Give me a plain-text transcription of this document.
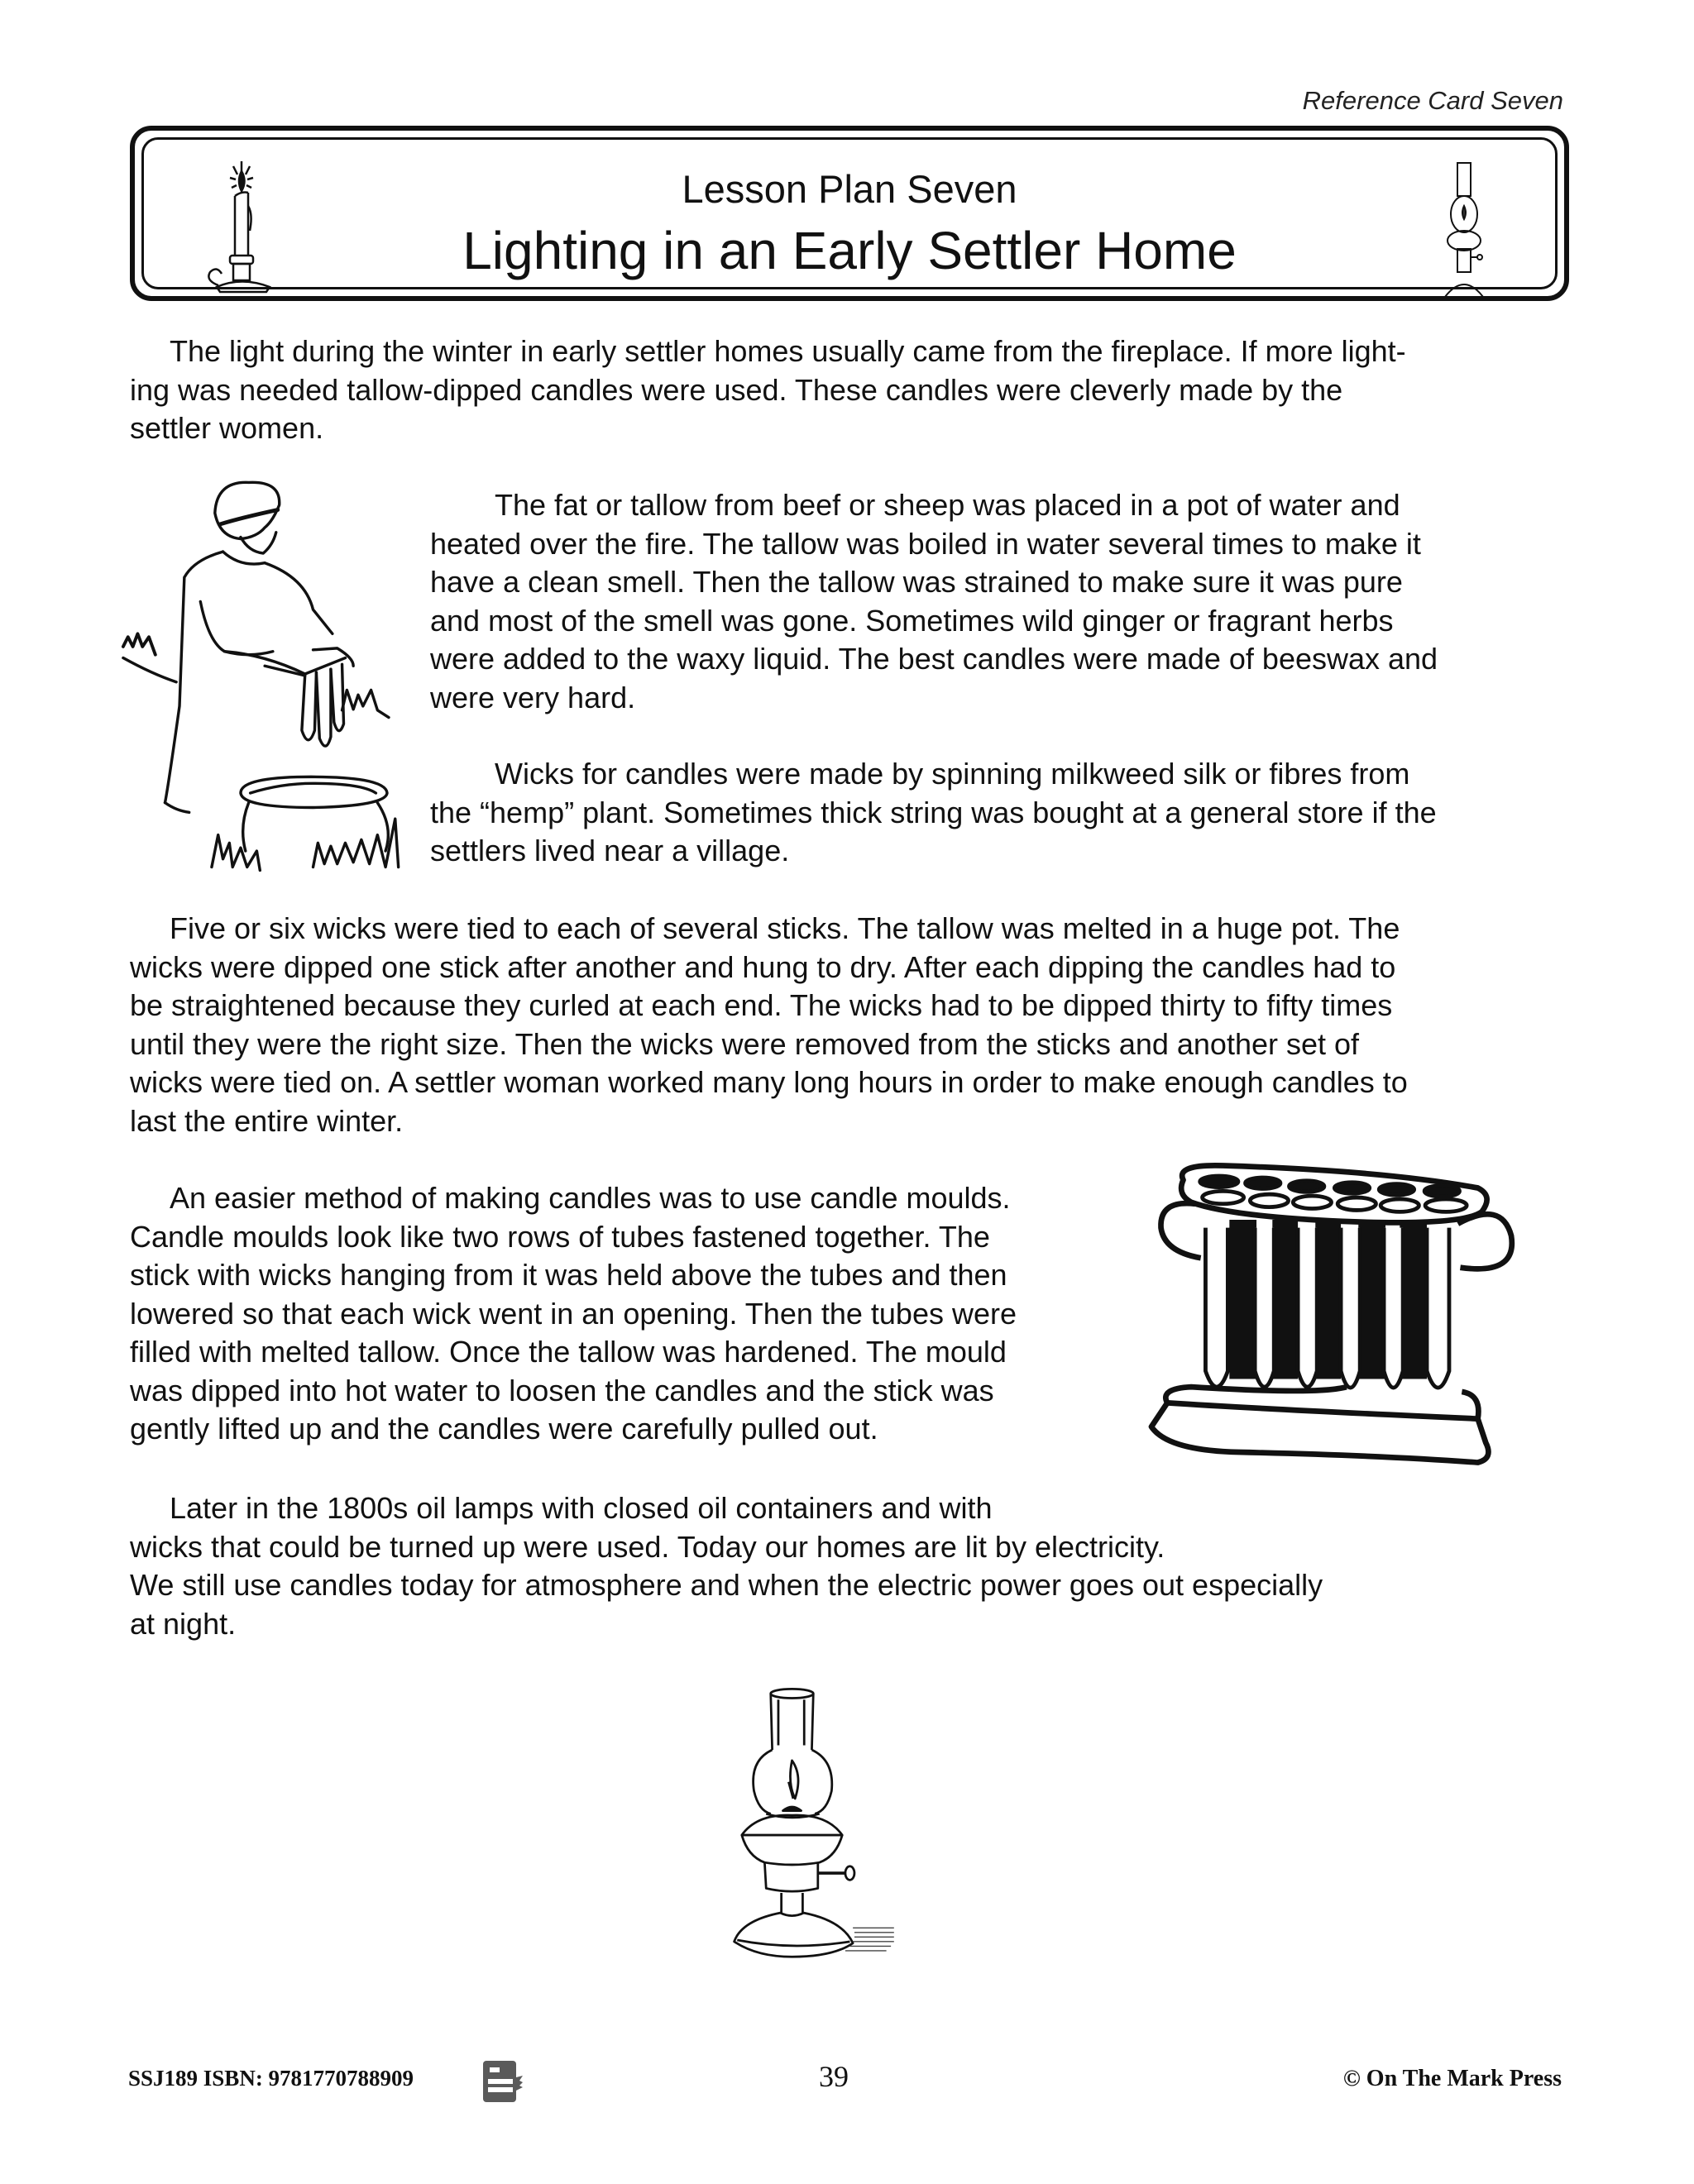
Reference Card Seven
Lesson Plan Seven
Lighting in an Early Settler Home

The light during the winter in early settler homes usually came from the fireplace. If more light-
ing was needed tallow-dipped candles were used. These candles were cleverly made by the
settler women.

The fat or tallow from beef or sheep was placed in a pot of water and
heated over the fire. The tallow was boiled in water several times to make it
have a clean smell. Then the tallow was strained to make sure it was pure
and most of the smell was gone. Sometimes wild ginger or fragrant herbs
were added to the waxy liquid. The best candles were made of beeswax and
were very hard.

Wicks for candles were made by spinning milkweed silk or fibres from
the “hemp” plant. Sometimes thick string was bought at a general store if the
settlers lived near a village.

Five or six wicks were tied to each of several sticks. The tallow was melted in a huge pot. The
wicks were dipped one stick after another and hung to dry. After each dipping the candles had to
be straightened because they curled at each end. The wicks had to be dipped thirty to fifty times
until they were the right size. Then the wicks were removed from the sticks and another set of
wicks were tied on. A settler woman worked many long hours in order to make enough candles to
last the entire winter.

An easier method of making candles was to use candle moulds.
Candle moulds look like two rows of tubes fastened together. The
stick with wicks hanging from it was held above the tubes and then
lowered so that each wick went in an opening. Then the tubes were
filled with melted tallow. Once the tallow was hardened. The mould
was dipped into hot water to loosen the candles and the stick was
gently lifted up and the candles were carefully pulled out.

Later in the 1800s oil lamps with closed oil containers and with
wicks that could be turned up were used. Today our homes are lit by electricity.
We still use candles today for atmosphere and when the electric power goes out especially
at night.

SSJ189 ISBN: 9781770788909	39	© On The Mark Press
